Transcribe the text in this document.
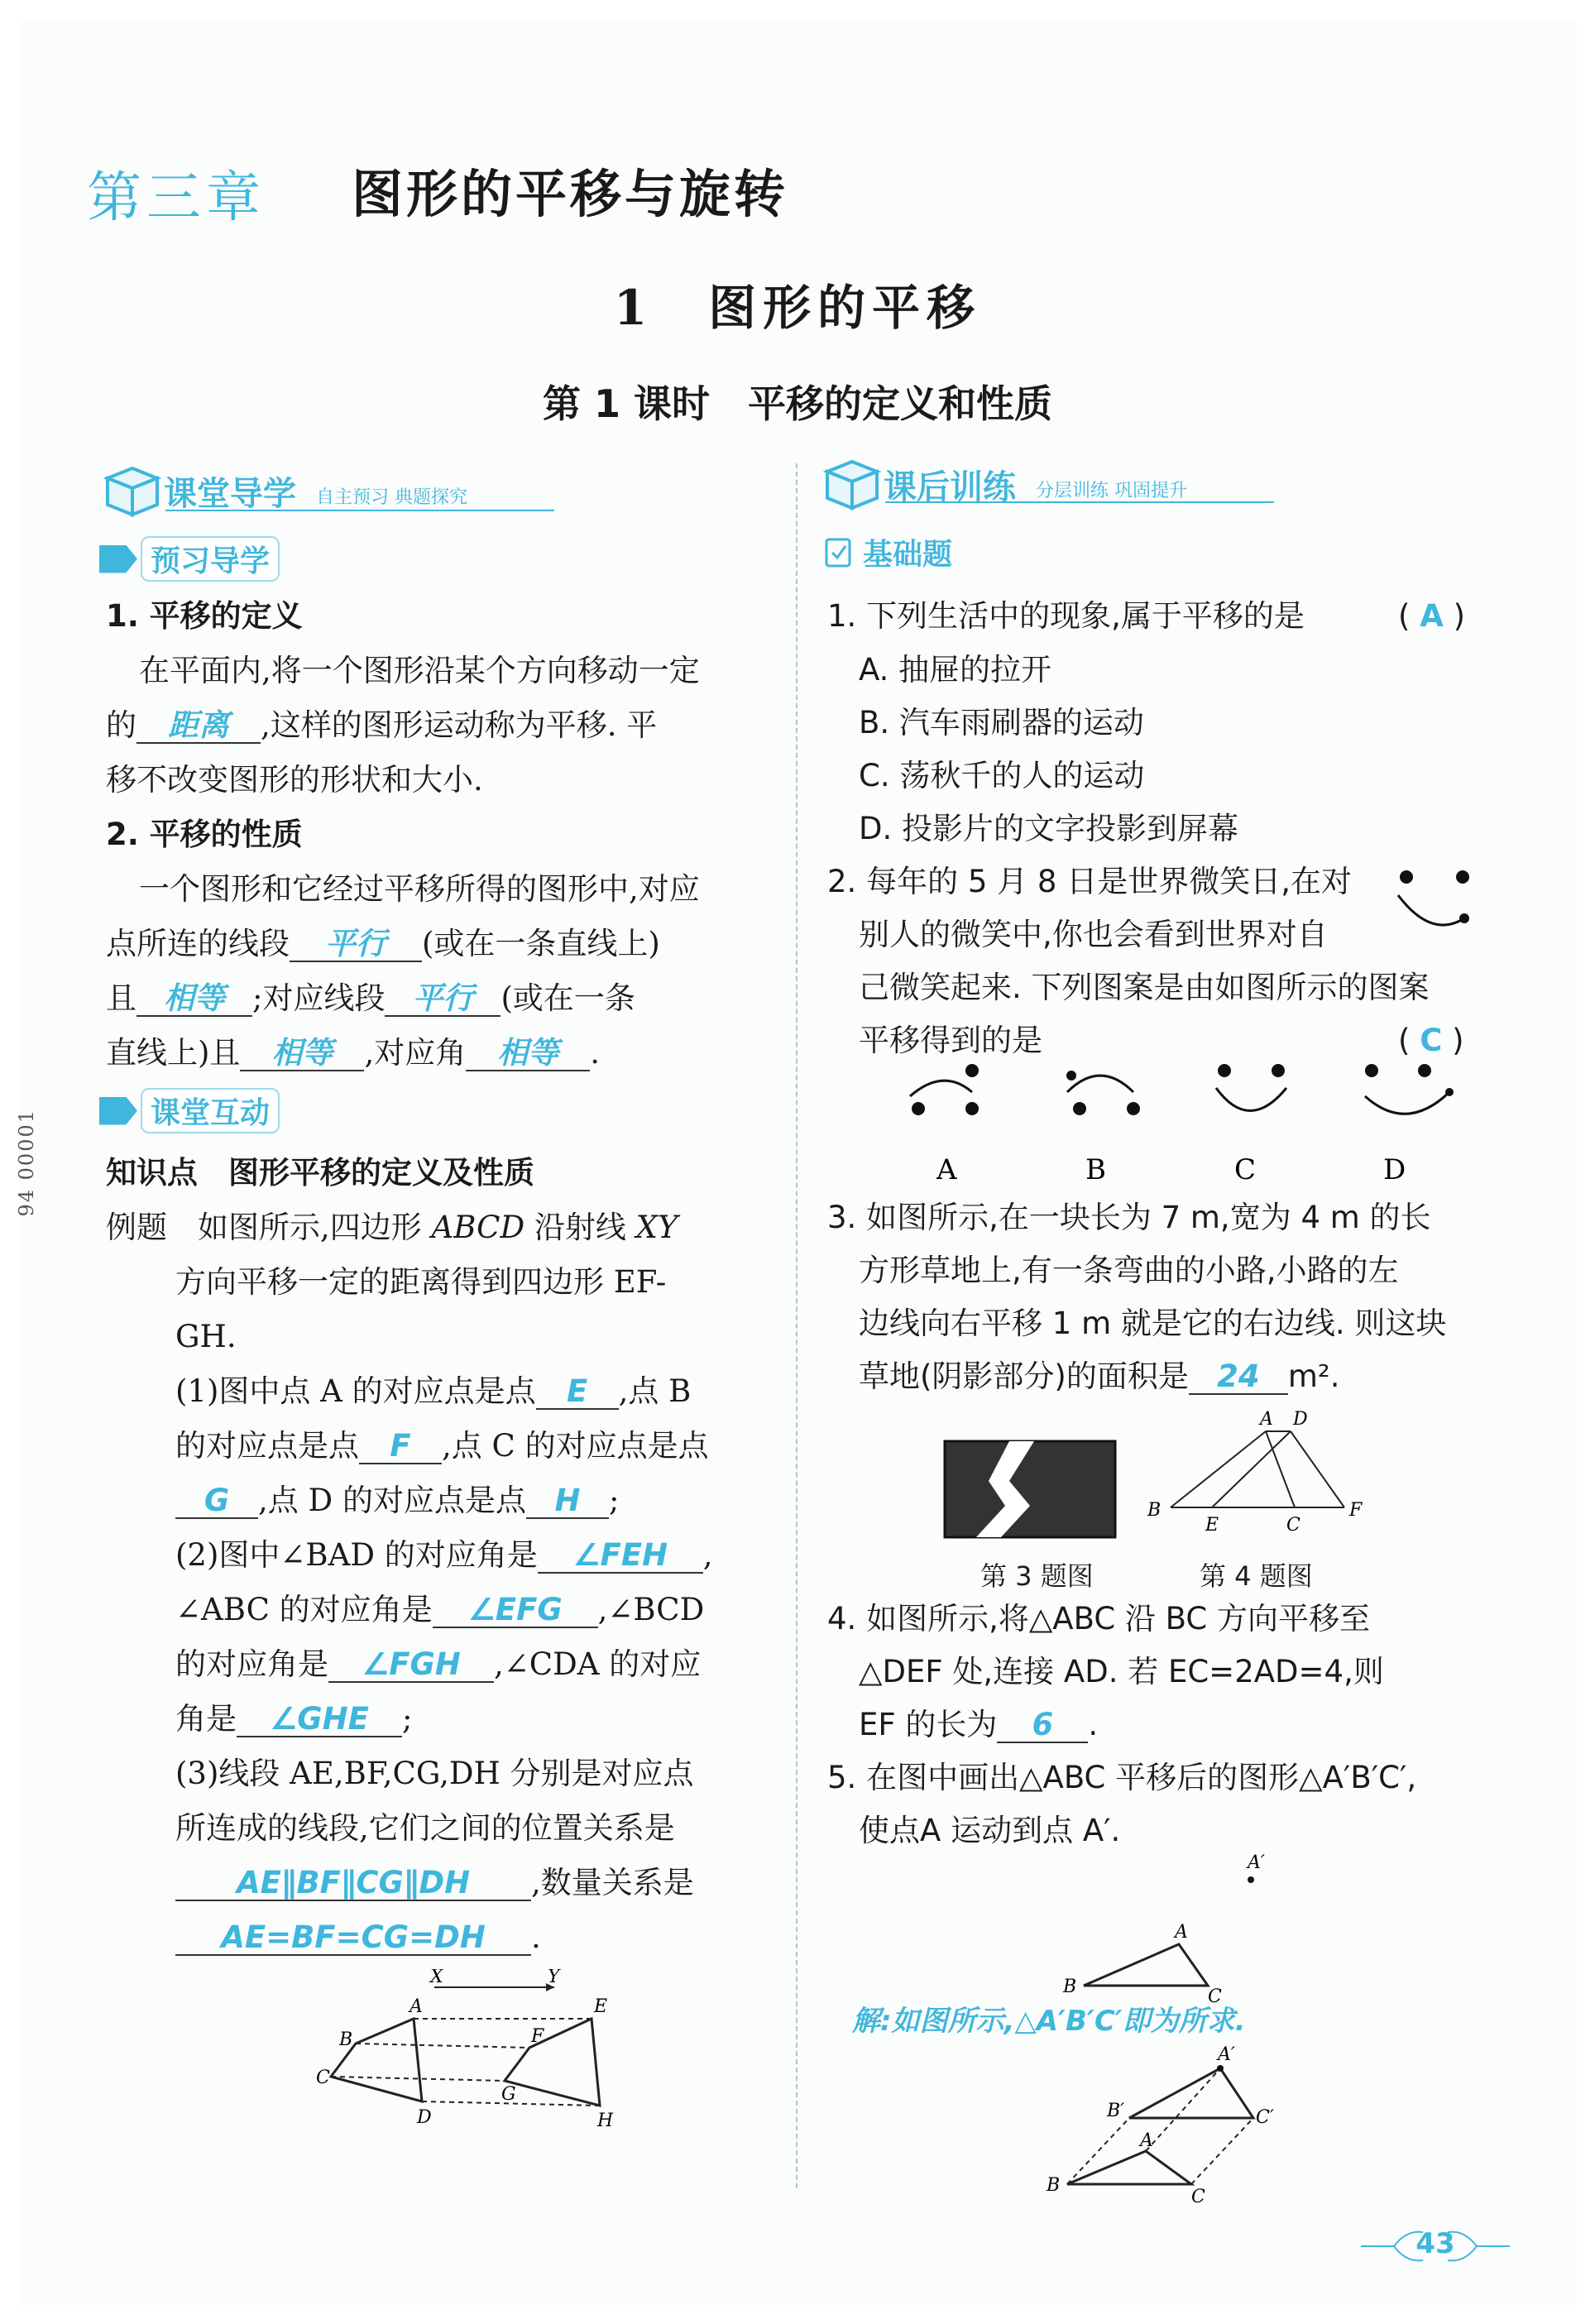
第三章 图形的平移与旋转
1　图形的平移
第 1 课时　平移的定义和性质
94 00001
课堂导学 自主预习 典题探究
预习导学
1. 平移的定义
在平面内,将一个图形沿某个方向移动一定
的 距离 ,这样的图形运动称为平移. 平
移不改变图形的形状和大小.
2. 平移的性质
一个图形和它经过平移所得的图形中,对应
点所连的线段 平行 (或在一条直线上)
且 相等 ;对应线段 平行 (或在一条
直线上)且 相等 ,对应角 相等 .
课堂互动
知识点　图形平移的定义及性质
例题　如图所示,四边形 ABCD 沿射线 XY
方向平移一定的距离得到四边形 EF-
GH.
(1)图中点 A 的对应点是点 E ,点 B
的对应点是点 F ,点 C 的对应点是点
G ,点 D 的对应点是点 H ;
(2)图中∠BAD 的对应角是 ∠FEH ,
∠ABC 的对应角是 ∠EFG ,∠BCD
的对应角是 ∠FGH ,∠CDA 的对应
角是 ∠GHE ;
(3)线段 AE,BF,CG,DH 分别是对应点
所连成的线段,它们之间的位置关系是
AE∥BF∥CG∥DH ,数量关系是
AE=BF=CG=DH .
X	Y
A
B
C
D
E
F
G
H
课后训练 分层训练 巩固提升
基础题
1. 下列生活中的现象,属于平移的是	( A )
A. 抽屉的拉开
B. 汽车雨刷器的运动
C. 荡秋千的人的运动
D. 投影片的文字投影到屏幕
2. 每年的 5 月 8 日是世界微笑日,在对
别人的微笑中,你也会看到世界对自
己微笑起来. 下列图案是由如图所示的图案
平移得到的是	( C )
A	B	C	D
3. 如图所示,在一块长为 7 m,宽为 4 m 的长
方形草地上,有一条弯曲的小路,小路的左
边线向右平移 1 m 就是它的右边线. 则这块
草地(阴影部分)的面积是 24 m².
A D
B
E	C
F
第 3 题图	第 4 题图
4. 如图所示,将△ABC 沿 BC 方向平移至
△DEF 处,连接 AD. 若 EC=2AD=4,则
EF 的长为 6 .
5. 在图中画出△ABC 平移后的图形△A′B′C′,
使点A 运动到点 A′.
A′
A
B	C
解:如图所示,△A′B′C′即为所求.
A′
B′	C′
A
B
C
43
